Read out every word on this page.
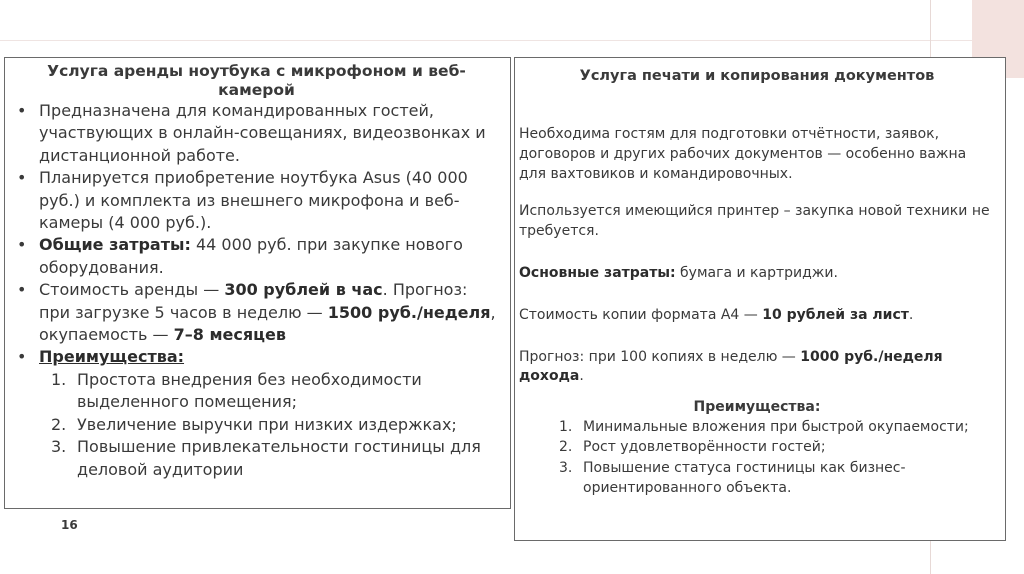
Услуга аренды ноутбука с микрофоном и веб-камерой
• Предназначена для командированных гостей, участвующих в онлайн-совещаниях, видеозвонках и дистанционной работе.
• Планируется приобретение ноутбука Asus (40 000 руб.) и комплекта из внешнего микрофона и веб-камеры (4 000 руб.).
• Общие затраты: 44 000 руб. при закупке нового оборудования.
• Стоимость аренды — 300 рублей в час. Прогноз: при загрузке 5 часов в неделю — 1500 руб./неделя, окупаемость — 7–8 месяцев
• Преимущества:
1. Простота внедрения без необходимости выделенного помещения;
2. Увеличение выручки при низких издержках;
3. Повышение привлекательности гостиницы для деловой аудитории
Услуга печати и копирования документов

Необходима гостям для подготовки отчётности, заявок, договоров и других рабочих документов — особенно важна для вахтовиков и командировочных.

Используется имеющийся принтер – закупка новой техники не требуется.

Основные затраты: бумага и картриджи.

Стоимость копии формата А4 — 10 рублей за лист.

Прогноз: при 100 копиях в неделю — 1000 руб./неделя дохода.

Преимущества:
1. Минимальные вложения при быстрой окупаемости;
2. Рост удовлетворённости гостей;
3. Повышение статуса гостиницы как бизнес-ориентированного объекта.
16
